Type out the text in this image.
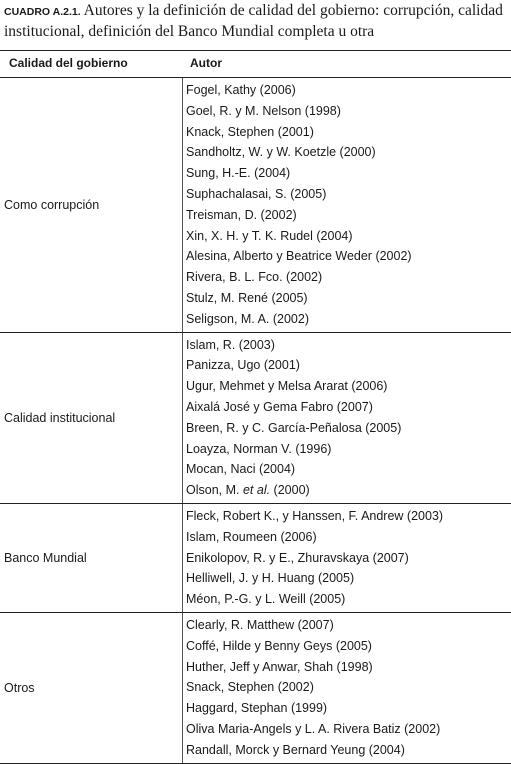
CUADRO A.2.1. Autores y la definición de calidad del gobierno: corrupción, calidad institucional, definición del Banco Mundial completa u otra
Calidad del gobierno	Autor
Como corrupción
Fogel, Kathy (2006)
Goel, R. y M. Nelson (1998)
Knack, Stephen (2001)
Sandholtz, W. y W. Koetzle (2000)
Sung, H.-E. (2004)
Suphachalasai, S. (2005)
Treisman, D. (2002)
Xin, X. H. y T. K. Rudel (2004)
Alesina, Alberto y Beatrice Weder (2002)
Rivera, B. L. Fco. (2002)
Stulz, M. René (2005)
Seligson, M. A. (2002)
Calidad institucional
Islam, R. (2003)
Panizza, Ugo (2001)
Ugur, Mehmet y Melsa Ararat (2006)
Aixalá José y Gema Fabro (2007)
Breen, R. y C. García-Peñalosa (2005)
Loayza, Norman V. (1996)
Mocan, Naci (2004)
Olson, M. et al. (2000)
Banco Mundial
Fleck, Robert K., y Hanssen, F. Andrew (2003)
Islam, Roumeen (2006)
Enikolopov, R. y E., Zhuravskaya (2007)
Helliwell, J. y H. Huang (2005)
Méon, P.-G. y L. Weill (2005)
Otros
Clearly, R. Matthew (2007)
Coffé, Hilde y Benny Geys (2005)
Huther, Jeff y Anwar, Shah (1998)
Snack, Stephen (2002)
Haggard, Stephan (1999)
Oliva Maria-Angels y L. A. Rivera Batiz (2002)
Randall, Morck y Bernard Yeung (2004)
